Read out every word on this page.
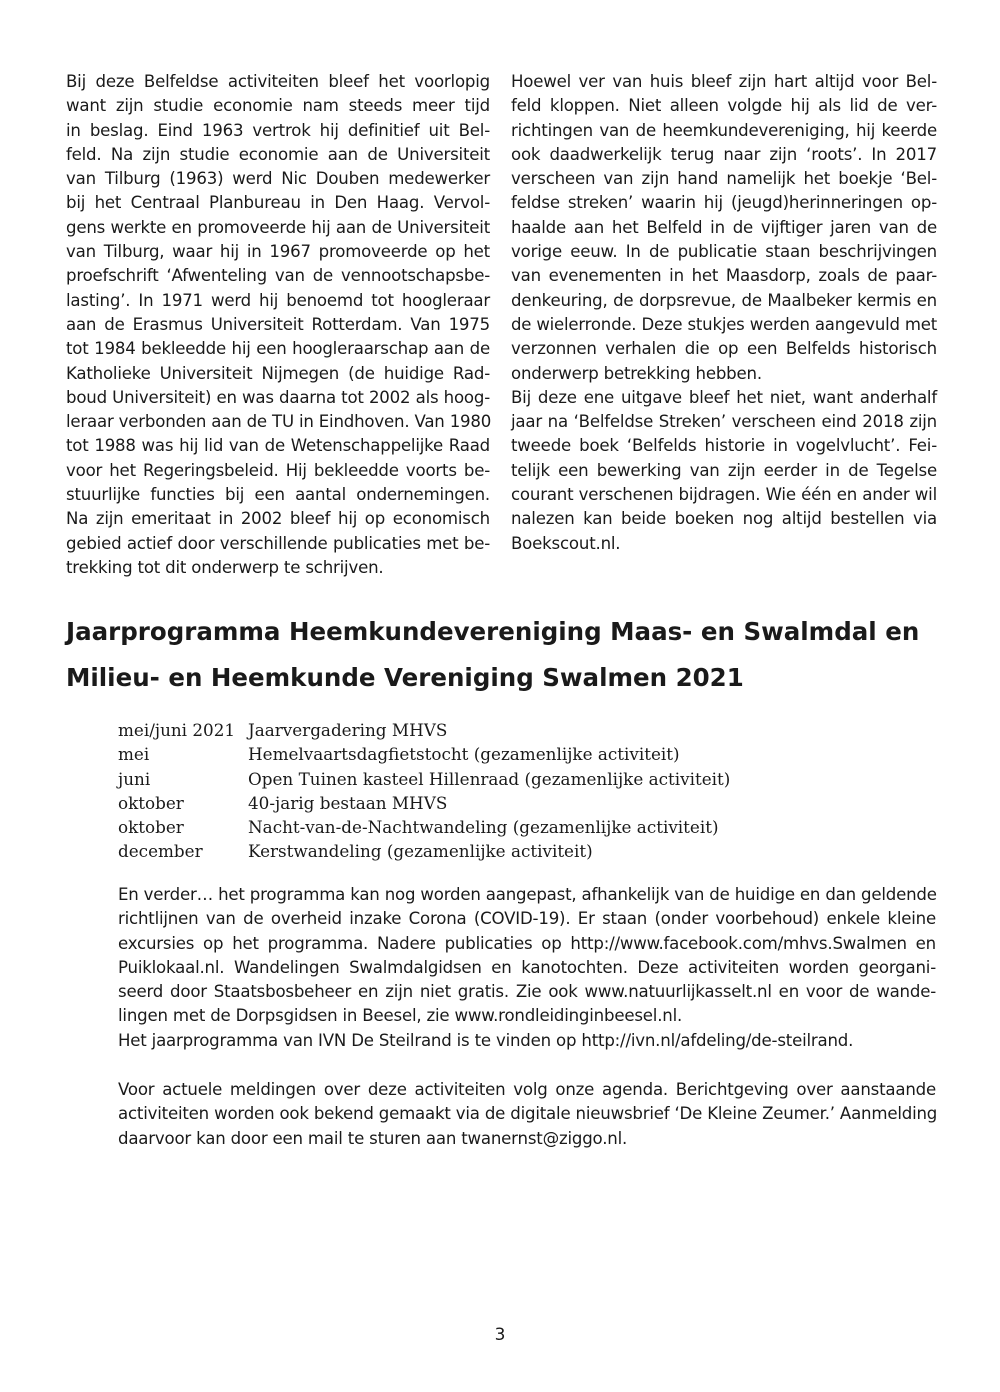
Bij deze Belfeldse activiteiten bleef het voorlopig
want zijn studie economie nam steeds meer tijd
in beslag. Eind 1963 vertrok hij definitief uit Bel-
feld. Na zijn studie economie aan de Universiteit
van Tilburg (1963) werd Nic Douben medewerker
bij het Centraal Planbureau in Den Haag. Vervol-
gens werkte en promoveerde hij aan de Universiteit
van Tilburg, waar hij in 1967 promoveerde op het
proefschrift ‘Afwenteling van de vennootschapsbe-
lasting’. In 1971 werd hij benoemd tot hoogleraar
aan de Erasmus Universiteit Rotterdam. Van 1975
tot 1984 bekleedde hij een hoogleraarschap aan de
Katholieke Universiteit Nijmegen (de huidige Rad-
boud Universiteit) en was daarna tot 2002 als hoog-
leraar verbonden aan de TU in Eindhoven. Van 1980
tot 1988 was hij lid van de Wetenschappelijke Raad
voor het Regeringsbeleid. Hij bekleedde voorts be-
stuurlijke functies bij een aantal ondernemingen.
Na zijn emeritaat in 2002 bleef hij op economisch
gebied actief door verschillende publicaties met be-
trekking tot dit onderwerp te schrijven.
Hoewel ver van huis bleef zijn hart altijd voor Bel-
feld kloppen. Niet alleen volgde hij als lid de ver-
richtingen van de heemkundevereniging, hij keerde
ook daadwerkelijk terug naar zijn ‘roots’. In 2017
verscheen van zijn hand namelijk het boekje ‘Bel-
feldse streken’ waarin hij (jeugd)herinneringen op-
haalde aan het Belfeld in de vijftiger jaren van de
vorige eeuw. In de publicatie staan beschrijvingen
van evenementen in het Maasdorp, zoals de paar-
denkeuring, de dorpsrevue, de Maalbeker kermis en
de wielerronde. Deze stukjes werden aangevuld met
verzonnen verhalen die op een Belfelds historisch
onderwerp betrekking hebben.
Bij deze ene uitgave bleef het niet, want anderhalf
jaar na ‘Belfeldse Streken’ verscheen eind 2018 zijn
tweede boek ‘Belfelds historie in vogelvlucht’. Fei-
telijk een bewerking van zijn eerder in de Tegelse
courant verschenen bijdragen. Wie één en ander wil
nalezen kan beide boeken nog altijd bestellen via
Boekscout.nl.
Jaarprogramma Heemkundevereniging Maas- en Swalmdal en
Milieu- en Heemkunde Vereniging Swalmen 2021
mei/juni 2021	Jaarvergadering MHVS
mei	Hemelvaartsdagfietstocht (gezamenlijke activiteit)
juni	Open Tuinen kasteel Hillenraad (gezamenlijke activiteit)
oktober	40-jarig bestaan MHVS
oktober	Nacht-van-de-Nachtwandeling (gezamenlijke activiteit)
december	Kerstwandeling (gezamenlijke activiteit)
En verder… het programma kan nog worden aangepast, afhankelijk van de huidige en dan geldende
richtlijnen van de overheid inzake Corona (COVID-19). Er staan (onder voorbehoud) enkele kleine
excursies op het programma. Nadere publicaties op http://www.facebook.com/mhvs.Swalmen en
Puiklokaal.nl. Wandelingen Swalmdalgidsen en kanotochten. Deze activiteiten worden georgani-
seerd door Staatsbosbeheer en zijn niet gratis. Zie ook www.natuurlijkasselt.nl en voor de wande-
lingen met de Dorpsgidsen in Beesel, zie www.rondleidinginbeesel.nl.
Het jaarprogramma van IVN De Steilrand is te vinden op http://ivn.nl/afdeling/de-steilrand.
Voor actuele meldingen over deze activiteiten volg onze agenda. Berichtgeving over aanstaande
activiteiten worden ook bekend gemaakt via de digitale nieuwsbrief ‘De Kleine Zeumer.’ Aanmelding
daarvoor kan door een mail te sturen aan twanernst@ziggo.nl.
3
